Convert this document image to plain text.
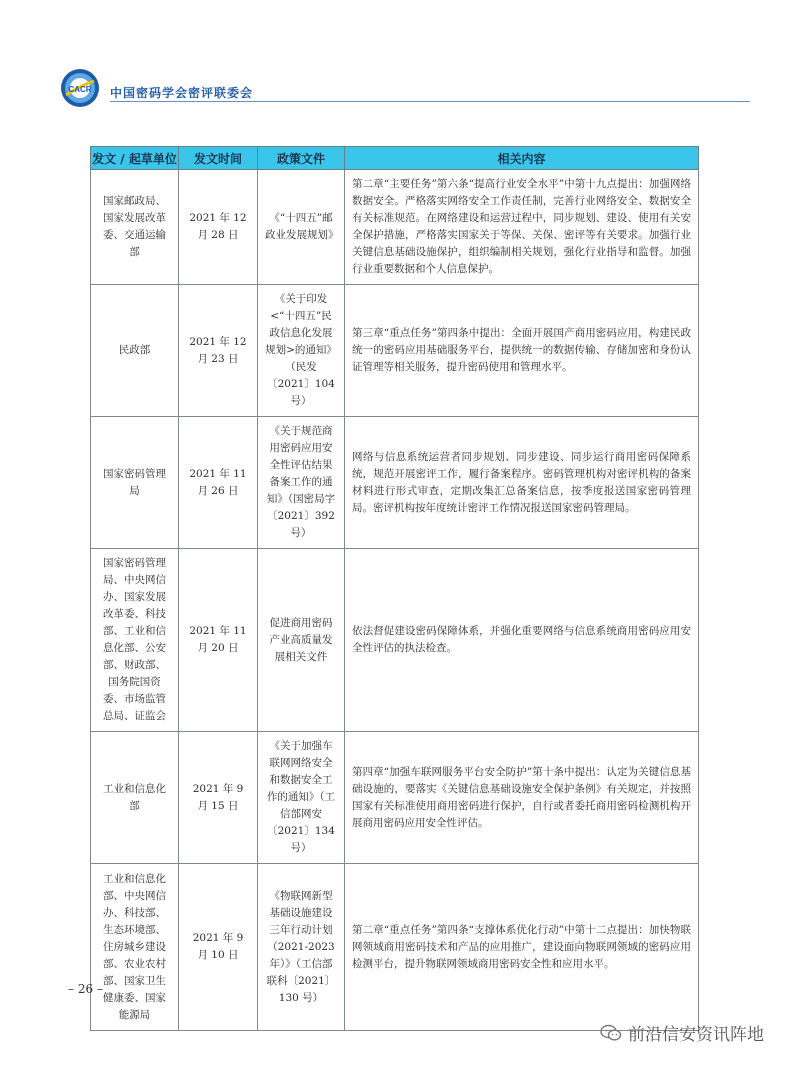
CACR 中国密码学会密评联委会
发文 / 起草单位	发文时间	政策文件	相关内容
国家邮政局、国家发展改革委、交通运输部	2021 年 12 月 28 日	《“十四五”邮政业发展规划》	第二章“主要任务”第六条“提高行业安全水平”中第十九点提出：加强网络数据安全。严格落实网络安全工作责任制，完善行业网络安全、数据安全有关标准规范。在网络建设和运营过程中，同步规划、建设、使用有关安全保护措施，严格落实国家关于等保、关保、密评等有关要求。加强行业关键信息基础设施保护，组织编制相关规划，强化行业指导和监督。加强行业重要数据和个人信息保护。
民政部	2021 年 12 月 23 日	《关于印发<“十四五”民政信息化发展规划>的通知》（民发〔2021〕104 号）	第三章“重点任务”第四条中提出：全面开展国产商用密码应用，构建民政统一的密码应用基础服务平台，提供统一的数据传输、存储加密和身份认证管理等相关服务，提升密码使用和管理水平。
国家密码管理局	2021 年 11 月 26 日	《关于规范商用密码应用安全性评估结果备案工作的通知》（国密局字〔2021〕392 号）	网络与信息系统运营者同步规划、同步建设、同步运行商用密码保障系统，规范开展密评工作，履行备案程序。密码管理机构对密评机构的备案材料进行形式审查，定期改集汇总备案信息，按季度报送国家密码管理局。密评机构按年度统计密评工作情况报送国家密码管理局。
国家密码管理局、中央网信办、国家发展改革委、科技部、工业和信息化部、公安部、财政部、国务院国资委、市场监管总局、证监会	2021 年 11 月 20 日	促进商用密码产业高质量发展相关文件	依法督促建设密码保障体系，并强化重要网络与信息系统商用密码应用安全性评估的执法检查。
工业和信息化部	2021 年 9 月 15 日	《关于加强车联网网络安全和数据安全工作的通知》（工信部网安〔2021〕134 号）	第四章“加强车联网服务平台安全防护”第十条中提出：认定为关键信息基础设施的，要落实《关键信息基础设施安全保护条例》有关规定，并按照国家有关标准使用商用密码进行保护，自行或者委托商用密码检测机构开展商用密码应用安全性评估。
工业和信息化部、中央网信办、科技部、生态环境部、住房城乡建设部、农业农村部、国家卫生健康委、国家能源局	2021 年 9 月 10 日	《物联网新型基础设施建设三年行动计划（2021-2023 年）》（工信部联科〔2021〕130 号）	第二章“重点任务”第四条“支撑体系优化行动”中第十二点提出：加快物联网领域商用密码技术和产品的应用推广，建设面向物联网领域的密码应用检测平台，提升物联网领域商用密码安全性和应用水平。
– 26 –
前沿信安资讯阵地
